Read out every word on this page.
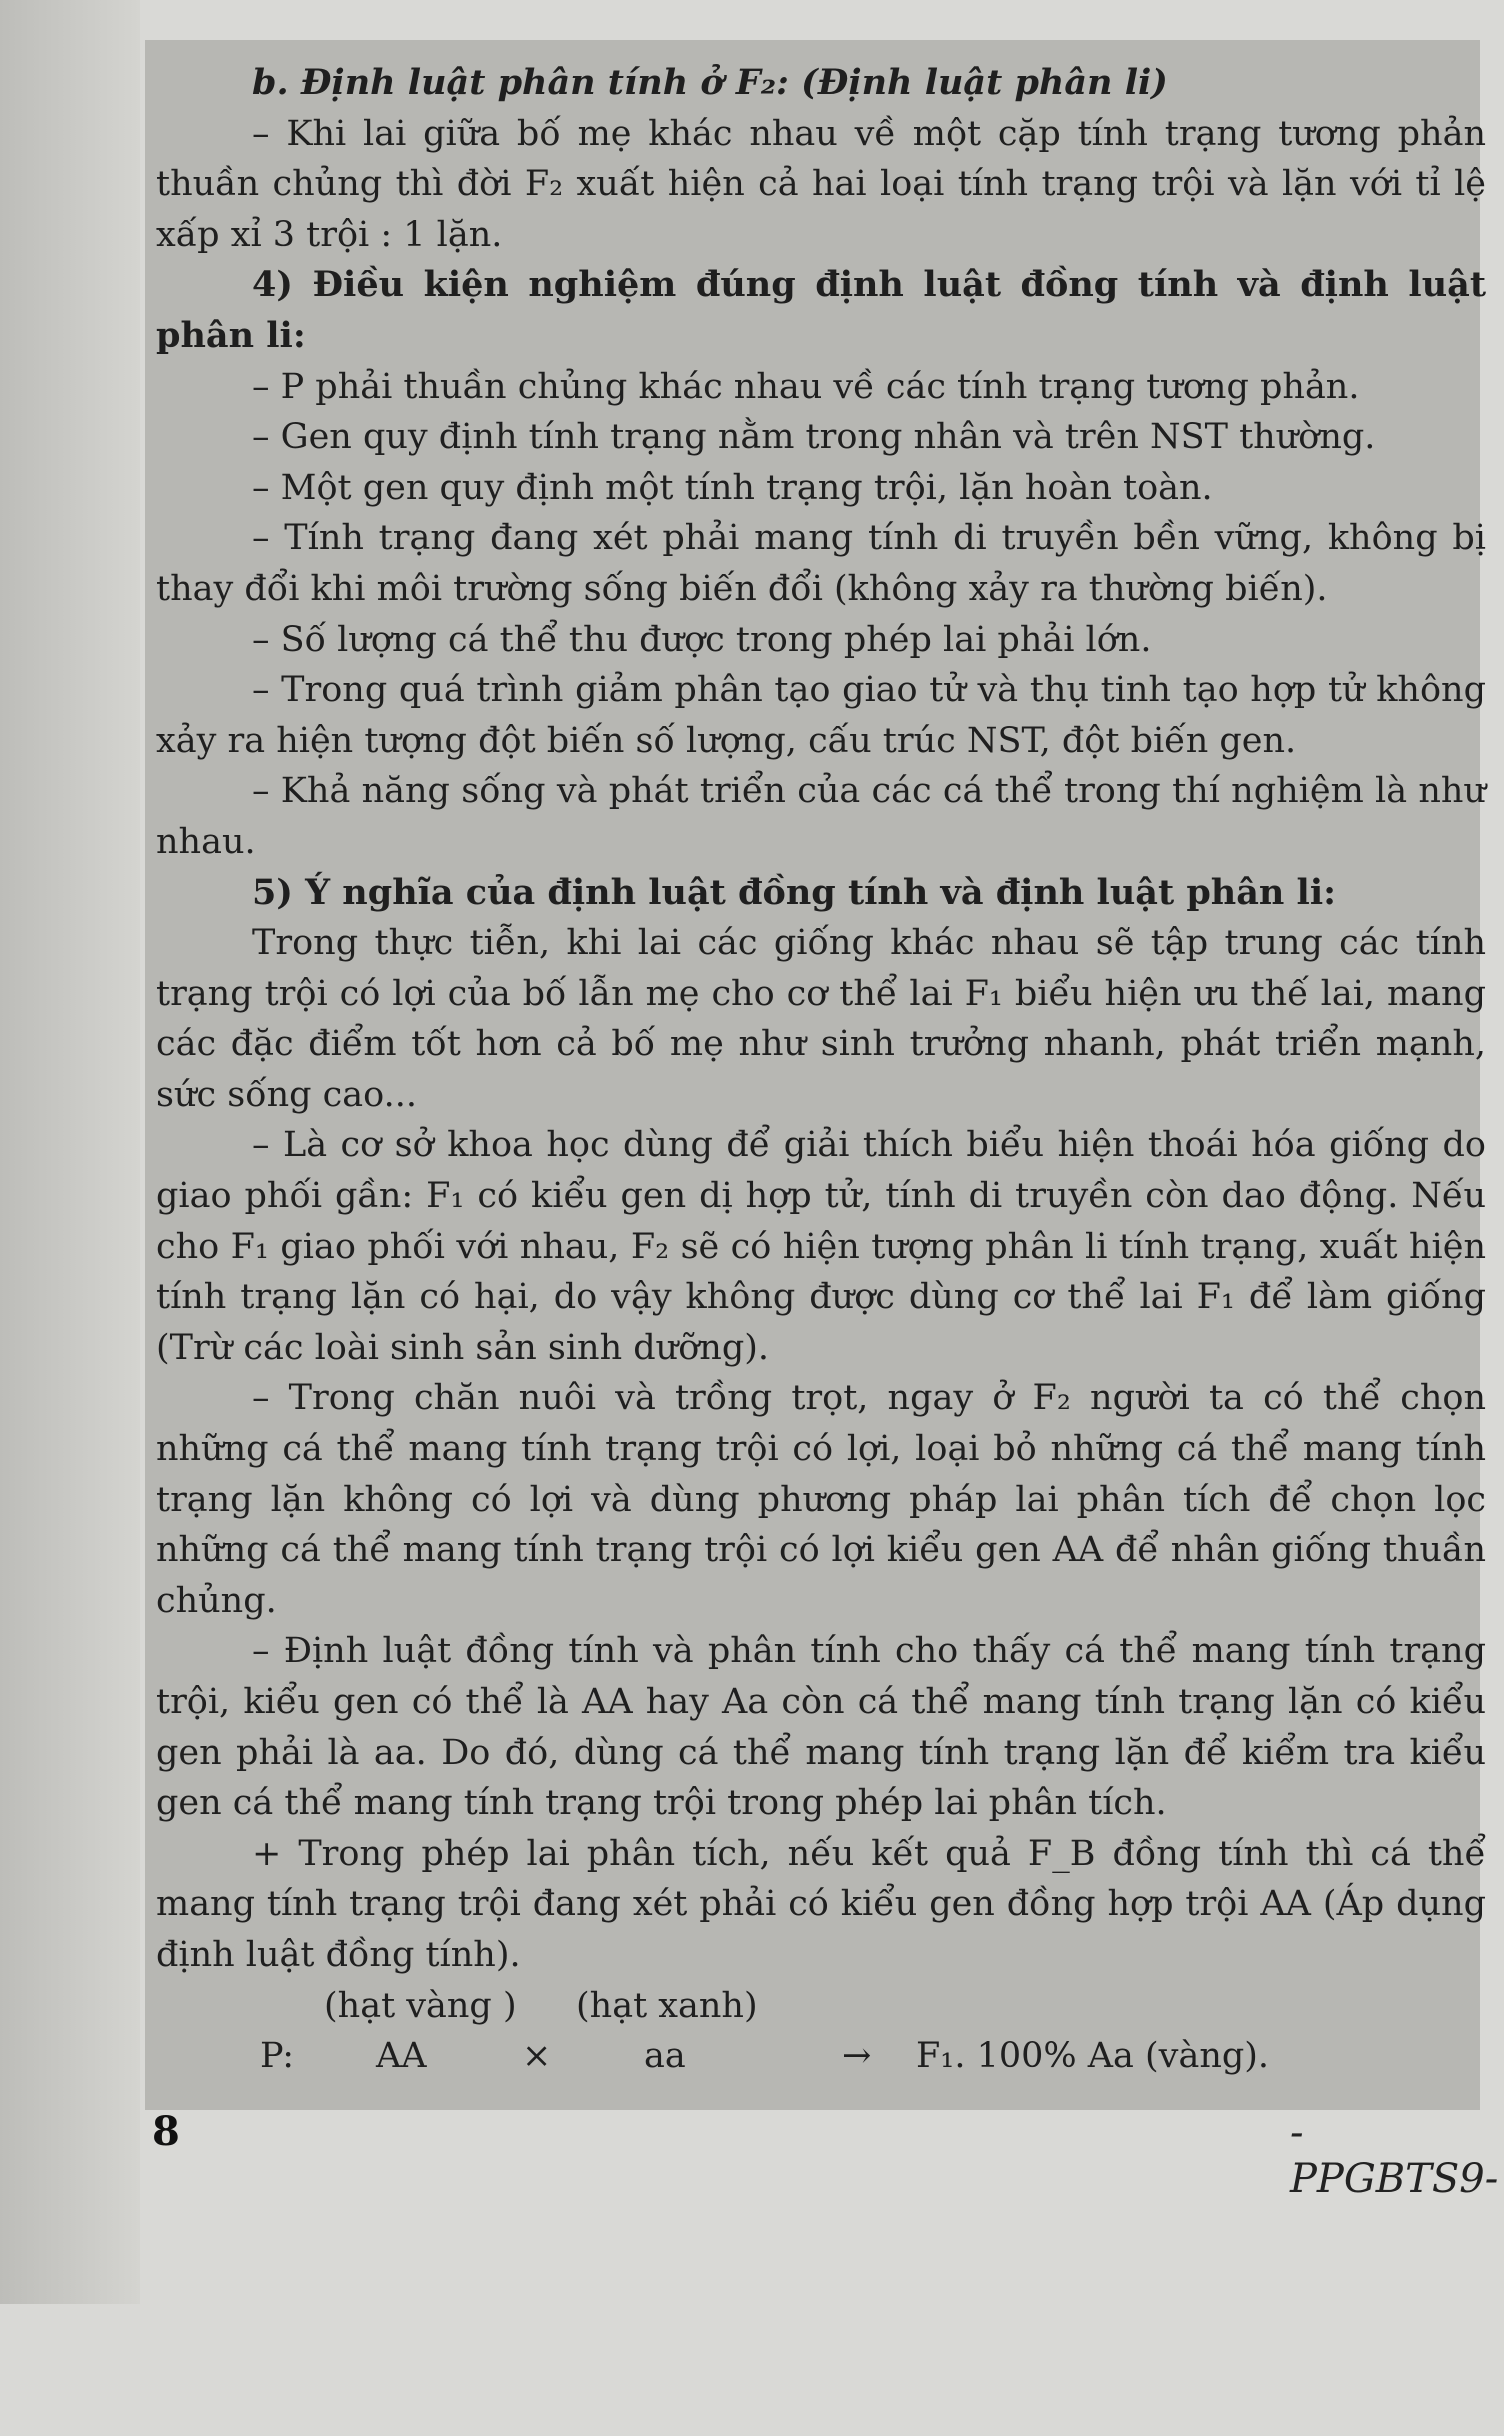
b. Định luật phân tính ở F₂: (Định luật phân li)

– Khi lai giữa bố mẹ khác nhau về một cặp tính trạng tương phản thuần chủng thì đời F₂ xuất hiện cả hai loại tính trạng trội và lặn với tỉ lệ xấp xỉ 3 trội : 1 lặn.

4) Điều kiện nghiệm đúng định luật đồng tính và định luật phân li:

– P phải thuần chủng khác nhau về các tính trạng tương phản.

– Gen quy định tính trạng nằm trong nhân và trên NST thường.

– Một gen quy định một tính trạng trội, lặn hoàn toàn.

– Tính trạng đang xét phải mang tính di truyền bền vững, không bị thay đổi khi môi trường sống biến đổi (không xảy ra thường biến).

– Số lượng cá thể thu được trong phép lai phải lớn.

– Trong quá trình giảm phân tạo giao tử và thụ tinh tạo hợp tử không xảy ra hiện tượng đột biến số lượng, cấu trúc NST, đột biến gen.

– Khả năng sống và phát triển của các cá thể trong thí nghiệm là như nhau.

5) Ý nghĩa của định luật đồng tính và định luật phân li:

Trong thực tiễn, khi lai các giống khác nhau sẽ tập trung các tính trạng trội có lợi của bố lẫn mẹ cho cơ thể lai F₁ biểu hiện ưu thế lai, mang các đặc điểm tốt hơn cả bố mẹ như sinh trưởng nhanh, phát triển mạnh, sức sống cao...

– Là cơ sở khoa học dùng để giải thích biểu hiện thoái hóa giống do giao phối gần: F₁ có kiểu gen dị hợp tử, tính di truyền còn dao động. Nếu cho F₁ giao phối với nhau, F₂ sẽ có hiện tượng phân li tính trạng, xuất hiện tính trạng lặn có hại, do vậy không được dùng cơ thể lai F₁ để làm giống (Trừ các loài sinh sản sinh dưỡng).

– Trong chăn nuôi và trồng trọt, ngay ở F₂ người ta có thể chọn những cá thể mang tính trạng trội có lợi, loại bỏ những cá thể mang tính trạng lặn không có lợi và dùng phương pháp lai phân tích để chọn lọc những cá thể mang tính trạng trội có lợi kiểu gen AA để nhân giống thuần chủng.

– Định luật đồng tính và phân tính cho thấy cá thể mang tính trạng trội, kiểu gen có thể là AA hay Aa còn cá thể mang tính trạng lặn có kiểu gen phải là aa. Do đó, dùng cá thể mang tính trạng lặn để kiểm tra kiểu gen cá thể mang tính trạng trội trong phép lai phân tích.

+ Trong phép lai phân tích, nếu kết quả F_B đồng tính thì cá thể mang tính trạng trội đang xét phải có kiểu gen đồng hợp trội AA (Áp dụng định luật đồng tính).

(hạt vàng )

(hạt xanh)

P:

AA

	×

	aa

	→

F₁. 100% Aa (vàng).

8	-PPGBTS9-
